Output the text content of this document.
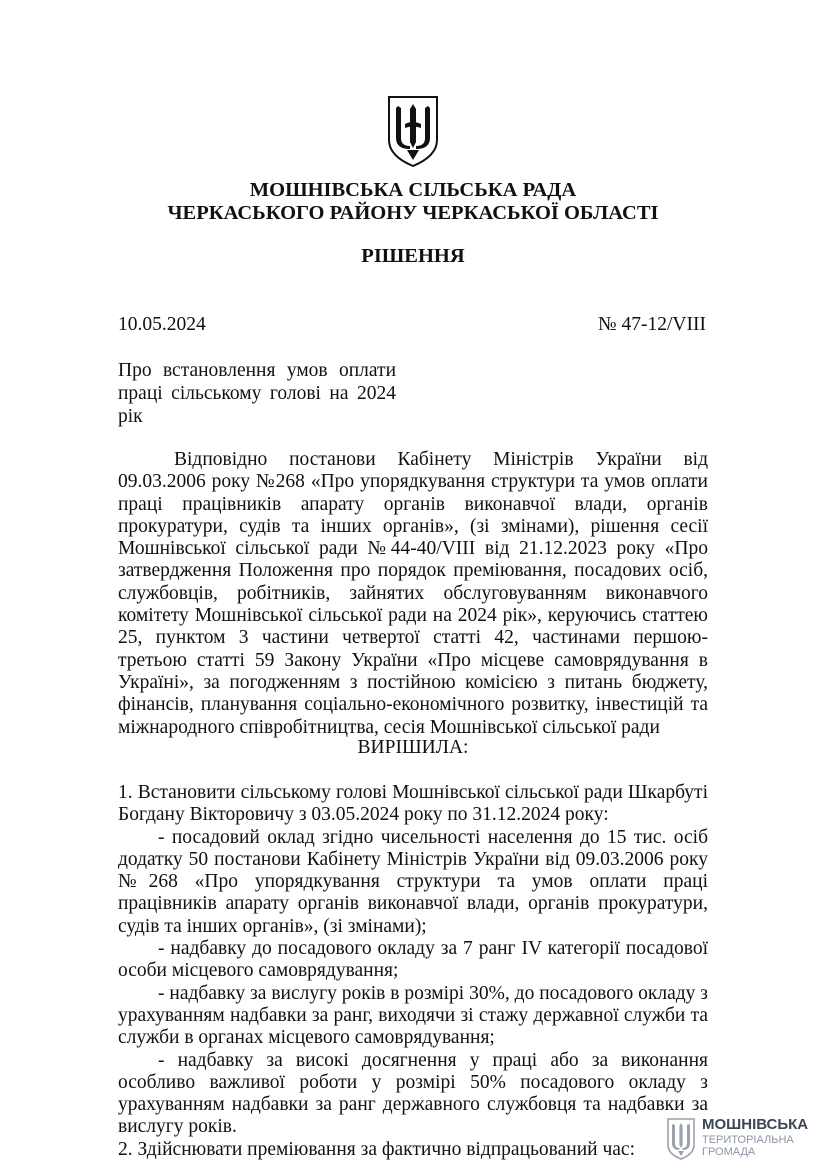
МОШНІВСЬКА СІЛЬСЬКА РАДА
ЧЕРКАСЬКОГО РАЙОНУ ЧЕРКАСЬКОЇ ОБЛАСТІ
РІШЕННЯ
10.05.2024	№ 47-12/VIII
Про встановлення умов оплати праці сільському голові на 2024 рік
Відповідно постанови Кабінету Міністрів України від 09.03.2006 року №268 «Про упорядкування структури та умов оплати праці працівників апарату органів виконавчої влади, органів прокуратури, судів та інших органів», (зі змінами), рішення сесії Мошнівської сільської ради №44-40/VIII від 21.12.2023 року «Про затвердження Положення про порядок преміювання, посадових осіб, службовців, робітників, зайнятих обслуговуванням виконавчого комітету Мошнівської сільської ради на 2024 рік», керуючись статтею 25, пунктом 3 частини четвертої статті 42, частинами першою-третьою статті 59 Закону України «Про місцеве самоврядування в Україні», за погодженням з постійною комісією з питань бюджету, фінансів, планування соціально-економічного розвитку, інвестицій та міжнародного співробітництва, сесія Мошнівської сільської ради
ВИРІШИЛА:

1. Встановити сільському голові Мошнівської сільської ради Шкарбуті Богдану Вікторовичу з 03.05.2024 року по 31.12.2024 року:

- посадовий оклад згідно чисельності населення до 15 тис. осіб додатку 50 постанови Кабінету Міністрів України від 09.03.2006 року №268 «Про упорядкування структури та умов оплати праці працівників апарату органів виконавчої влади, органів прокуратури, судів та інших органів», (зі змінами);

- надбавку до посадового окладу за 7 ранг IV категорії посадової особи місцевого самоврядування;

- надбавку за вислугу років в розмірі 30%, до посадового окладу з урахуванням надбавки за ранг, виходячи зі стажу державної служби та служби в органах місцевого самоврядування;

- надбавку за високі досягнення у праці або за виконання особливо важливої роботи у розмірі 50% посадового окладу з урахуванням надбавки за ранг державного службовця та надбавки за вислугу років.

2. Здійснювати преміювання за фактично відпрацьований час:

МОШНІВСЬКА
ТЕРИТОРІАЛЬНА
ГРОМАДА
